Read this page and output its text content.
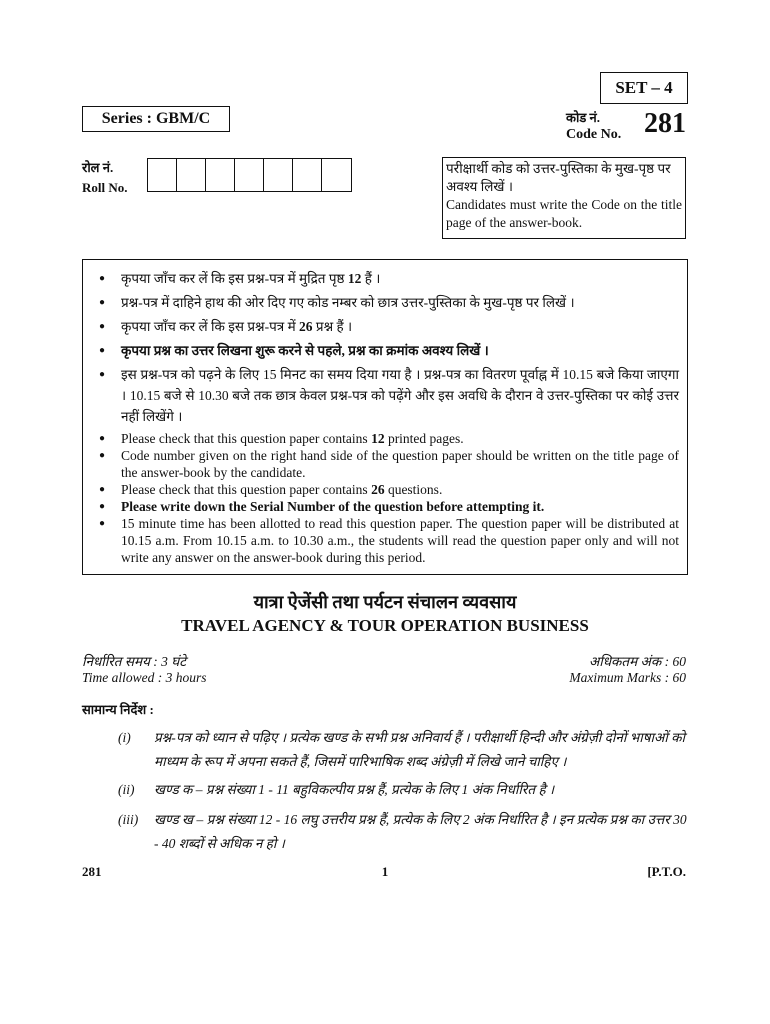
SET – 4
Series : GBM/C	कोड नं.
Code No. 281
रोल नं.
Roll No.
परीक्षार्थी कोड को उत्तर-पुस्तिका के मुख-पृष्ठ पर अवश्य लिखें ।
Candidates must write the Code on the title page of the answer-book.
● कृपया जाँच कर लें कि इस प्रश्न-पत्र में मुद्रित पृष्ठ 12 हैं ।
● प्रश्न-पत्र में दाहिने हाथ की ओर दिए गए कोड नम्बर को छात्र उत्तर-पुस्तिका के मुख-पृष्ठ पर लिखें ।
● कृपया जाँच कर लें कि इस प्रश्न-पत्र में 26 प्रश्न हैं ।
● कृपया प्रश्न का उत्तर लिखना शुरू करने से पहले, प्रश्न का क्रमांक अवश्य लिखें ।
● इस प्रश्न-पत्र को पढ़ने के लिए 15 मिनट का समय दिया गया है । प्रश्न-पत्र का वितरण पूर्वाह्न में 10.15 बजे किया जाएगा । 10.15 बजे से 10.30 बजे तक छात्र केवल प्रश्न-पत्र को पढ़ेंगे और इस अवधि के दौरान वे उत्तर-पुस्तिका पर कोई उत्तर नहीं लिखेंगे ।
● Please check that this question paper contains 12 printed pages.
● Code number given on the right hand side of the question paper should be written on the title page of the answer-book by the candidate.
● Please check that this question paper contains 26 questions.
● Please write down the Serial Number of the question before attempting it.
● 15 minute time has been allotted to read this question paper. The question paper will be distributed at 10.15 a.m. From 10.15 a.m. to 10.30 a.m., the students will read the question paper only and will not write any answer on the answer-book during this period.
यात्रा ऐजेंसी तथा पर्यटन संचालन व्यवसाय
TRAVEL AGENCY & TOUR OPERATION BUSINESS
निर्धारित समय : 3 घंटे
Time allowed : 3 hours
अधिकतम अंक : 60
Maximum Marks : 60
सामान्य निर्देश :
(i) प्रश्न-पत्र को ध्यान से पढ़िए । प्रत्येक खण्ड के सभी प्रश्न अनिवार्य हैं । परीक्षार्थी हिन्दी और अंग्रेज़ी दोनों भाषाओं को माध्यम के रूप में अपना सकते हैं, जिसमें पारिभाषिक शब्द अंग्रेज़ी में लिखे जाने चाहिए ।
(ii) खण्ड क – प्रश्न संख्या 1 - 11 बहुविकल्पीय प्रश्न हैं, प्रत्येक के लिए 1 अंक निर्धारित है ।
(iii) खण्ड ख – प्रश्न संख्या 12 - 16 लघु उत्तरीय प्रश्न हैं, प्रत्येक के लिए 2 अंक निर्धारित है । इन प्रत्येक प्रश्न का उत्तर 30 - 40 शब्दों से अधिक न हो ।
281	1	[P.T.O.
